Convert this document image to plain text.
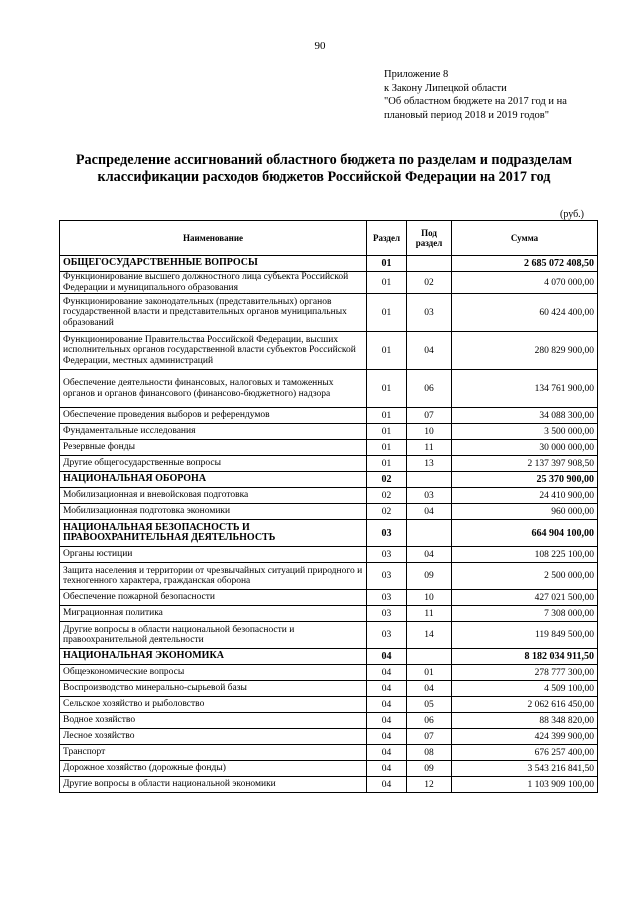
90
Приложение 8
к Закону Липецкой области
"Об областном бюджете на 2017 год и на
плановый период 2018 и 2019 годов"
Распределение ассигнований областного бюджета по разделам и подразделам
классификации расходов бюджетов Российской Федерации на 2017 год
(руб.)
Наименование	Раздел	Под раздел	Сумма
ОБЩЕГОСУДАРСТВЕННЫЕ ВОПРОСЫ	01		2 685 072 408,50
Функционирование высшего должностного лица субъекта Российской Федерации и муниципального образования	01	02	4 070 000,00
Функционирование законодательных (представительных) органов государственной власти и представительных органов муниципальных образований	01	03	60 424 400,00
Функционирование Правительства Российской Федерации, высших исполнительных органов государственной власти субъектов Российской Федерации, местных администраций	01	04	280 829 900,00
Обеспечение деятельности финансовых, налоговых и таможенных органов и органов финансового (финансово-бюджетного) надзора	01	06	134 761 900,00
Обеспечение проведения выборов и референдумов	01	07	34 088 300,00
Фундаментальные исследования	01	10	3 500 000,00
Резервные фонды	01	11	30 000 000,00
Другие общегосударственные вопросы	01	13	2 137 397 908,50
НАЦИОНАЛЬНАЯ ОБОРОНА	02		25 370 900,00
Мобилизационная и вневойсковая подготовка	02	03	24 410 900,00
Мобилизационная подготовка экономики	02	04	960 000,00
НАЦИОНАЛЬНАЯ БЕЗОПАСНОСТЬ И ПРАВООХРАНИТЕЛЬНАЯ ДЕЯТЕЛЬНОСТЬ	03		664 904 100,00
Органы юстиции	03	04	108 225 100,00
Защита населения и территории от чрезвычайных ситуаций природного и техногенного характера, гражданская оборона	03	09	2 500 000,00
Обеспечение пожарной безопасности	03	10	427 021 500,00
Миграционная политика	03	11	7 308 000,00
Другие вопросы в области национальной безопасности и правоохранительной деятельности	03	14	119 849 500,00
НАЦИОНАЛЬНАЯ ЭКОНОМИКА	04		8 182 034 911,50
Общеэкономические вопросы	04	01	278 777 300,00
Воспроизводство минерально-сырьевой базы	04	04	4 509 100,00
Сельское хозяйство и рыболовство	04	05	2 062 616 450,00
Водное хозяйство	04	06	88 348 820,00
Лесное хозяйство	04	07	424 399 900,00
Транспорт	04	08	676 257 400,00
Дорожное хозяйство (дорожные фонды)	04	09	3 543 216 841,50
Другие вопросы в области национальной экономики	04	12	1 103 909 100,00
